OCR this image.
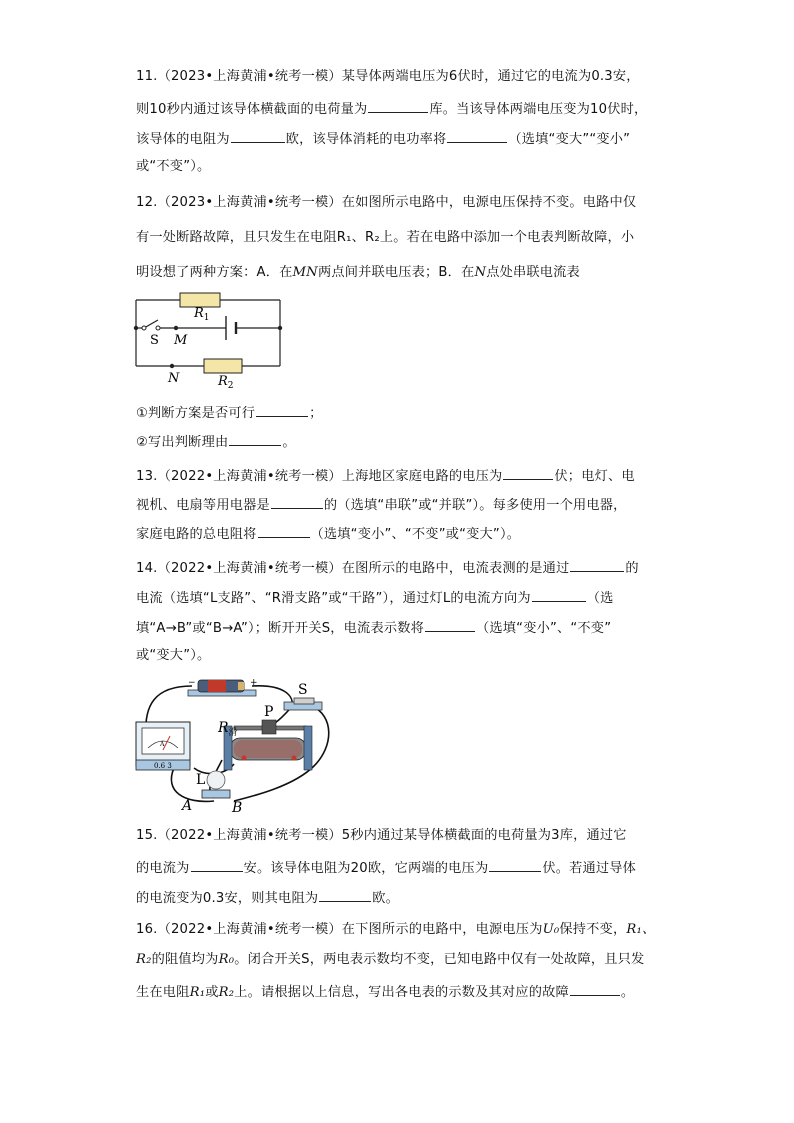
11.（2023•上海黄浦•统考一模）某导体两端电压为6伏时，通过它的电流为0.3安，
则10秒内通过该导体横截面的电荷量为	库。当该导体两端电压变为10伏时，
该导体的电阻为	欧，该导体消耗的电功率将	（选填“变大”“变小”
或“不变”）。
12.（2023•上海黄浦•统考一模）在如图所示电路中，电源电压保持不变。电路中仅
有一处断路故障，且只发生在电阻R₁、R₂上。若在电路中添加一个电表判断故障，小
明设想了两种方案：A．在MN两点间并联电压表；B．在N点处串联电流表
$R_1$
S M
N	$R_2$
①判断方案是否可行	；
②写出判断理由	。
13.（2022•上海黄浦•统考一模）上海地区家庭电路的电压为	伏；电灯、电
视机、电扇等用电器是	的（选填“串联”或“并联”）。每多使用一个用电器，
家庭电路的总电阻将	（选填“变小”、“不变”或“变大”）。
14.（2022•上海黄浦•统考一模）在图所示的电路中，电流表测的是通过	的
电流（选填“L支路”、“R滑支路”或“干路”），通过灯L的电流方向为	（选
填“A→B”或“B→A”）；断开开关S，电流表示数将	（选填“变小”、“不变”
或“变大”）。
−	+	S
A
0.6 3
P
$R_滑$
L
A	B
15.（2022•上海黄浦•统考一模）5秒内通过某导体横截面的电荷量为3库，通过它
的电流为	安。该导体电阻为20欧，它两端的电压为	伏。若通过导体
的电流变为0.3安，则其电阻为	欧。
16.（2022•上海黄浦•统考一模）在下图所示的电路中，电源电压为U₀保持不变，R₁、
R₂的阻值均为R₀。闭合开关S，两电表示数均不变，已知电路中仅有一处故障，且只发
生在电阻R₁或R₂上。请根据以上信息，写出各电表的示数及其对应的故障	。
